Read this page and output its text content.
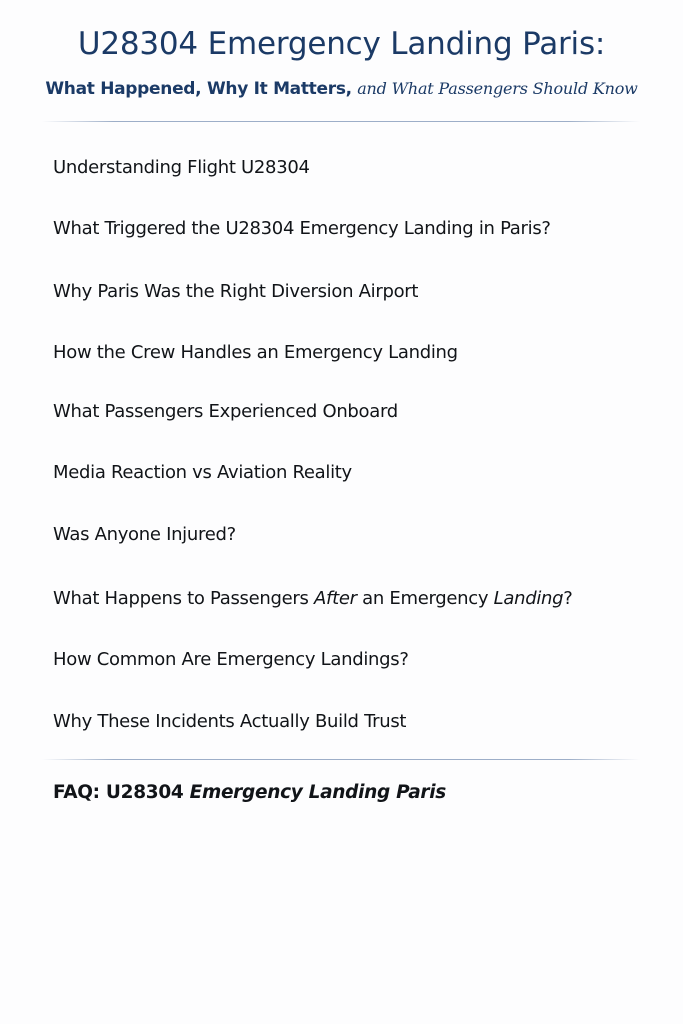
U28304 Emergency Landing Paris:
What Happened, Why It Matters, and What Passengers Should Know
Understanding Flight U28304
What Triggered the U28304 Emergency Landing in Paris?
Why Paris Was the Right Diversion Airport
How the Crew Handles an Emergency Landing
What Passengers Experienced Onboard
Media Reaction vs Aviation Reality
Was Anyone Injured?
What Happens to Passengers After an Emergency Landing?
How Common Are Emergency Landings?
Why These Incidents Actually Build Trust
FAQ: U28304 Emergency Landing Paris
